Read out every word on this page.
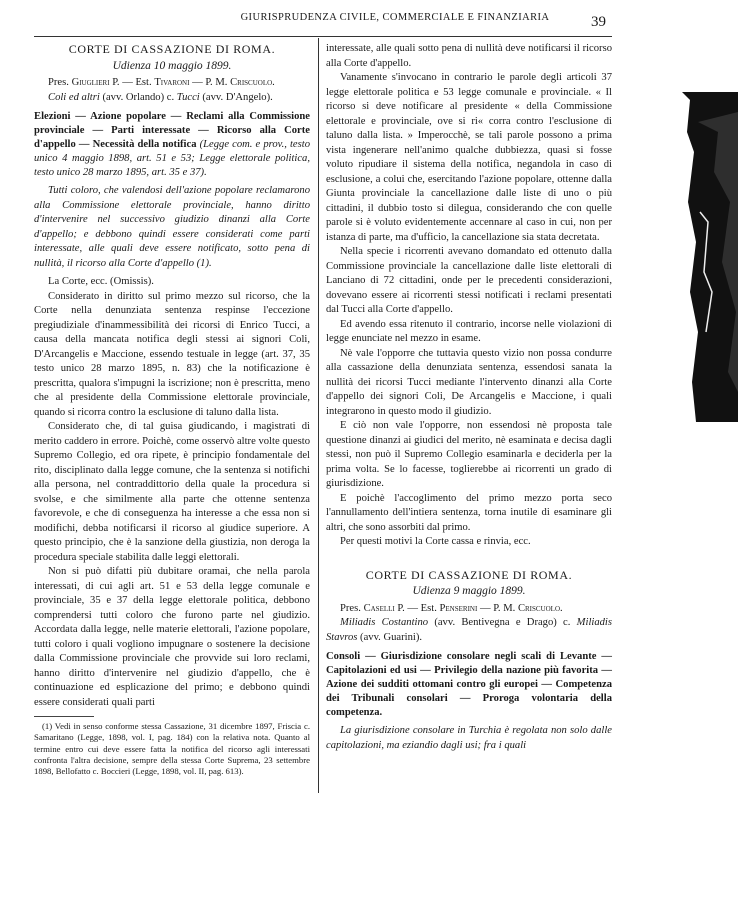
GIURISPRUDENZA CIVILE, COMMERCIALE E FINANZIARIA	39

CORTE DI CASSAZIONE DI ROMA.

Udienza 10 maggio 1899.

Pres. Giuglieri P. — Est. Tivaroni — P. M. Criscuolo.

Coli ed altri (avv. Orlando) c. Tucci (avv. D'Angelo).

Elezioni — Azione popolare — Reclami alla Commissione provinciale — Parti interessate — Ricorso alla Corte d'appello — Necessità della notifica (Legge com. e prov., testo unico 4 maggio 1898, art. 51 e 53; Legge elettorale politica, testo unico 28 marzo 1895, art. 35 e 37).

Tutti coloro, che valendosi dell'azione popolare reclamarono alla Commissione elettorale provinciale, hanno diritto d'intervenire nel successivo giudizio dinanzi alla Corte d'appello; e debbono quindi essere considerati come parti interessate, alle quali deve essere notificato, sotto pena di nullità, il ricorso alla Corte d'appello (1).

La Corte, ecc. (Omissis).

Considerato in diritto sul primo mezzo sul ricorso, che la Corte nella denunziata sentenza respinse l'eccezione pregiudiziale d'inammessibilità dei ricorsi di Enrico Tucci, a causa della mancata notifica degli stessi ai signori Coli, D'Arcangelis e Maccione, essendo testuale in legge (art. 37, 35 testo unico 28 marzo 1895, n. 83) che la notificazione è prescritta, qualora s'impugni la iscrizione; non è prescritta, meno che al presidente della Commissione elettorale provinciale, quando si ricorra contro la esclusione di taluno dalla lista.

Considerato che, di tal guisa giudicando, i magistrati di merito caddero in errore. Poichè, come osservò altre volte questo Supremo Collegio, ed ora ripete, è principio fondamentale del rito, disciplinato dalla legge comune, che la sentenza si notifichi alla persona, nel contraddittorio della quale la procedura si svolse, e che similmente alla parte che ottenne sentenza favorevole, e che di conseguenza ha interesse a che essa non si modifichi, debba notificarsi il ricorso al giudice superiore. A questo principio, che è la sanzione della giustizia, non deroga la procedura speciale stabilita dalle leggi elettorali.

Non si può difatti più dubitare oramai, che nella parola interessati, di cui agli art. 51 e 53 della legge comunale e provinciale, 35 e 37 della legge elettorale politica, debbono comprendersi tutti coloro che furono parte nel giudizio. Accordata dalla legge, nelle materie elettorali, l'azione popolare, tutti coloro i quali vogliono impugnare o sostenere la decisione dalla Commissione provinciale che provvide sui loro reclami, hanno diritto d'intervenire nel giudizio d'appello, che è continuazione ed esplicazione del primo; e debbono quindi essere considerati quali parti

(1) Vedi in senso conforme stessa Cassazione, 31 dicembre 1897, Friscia c. Samaritano (Legge, 1898, vol. I, pag. 184) con la relativa nota. Quanto al termine entro cui deve essere fatta la notifica del ricorso agli interessati confronta l'altra decisione, sempre della stessa Corte Suprema, 23 settembre 1898, Bellofatto c. Boccieri (Legge, 1898, vol. II, pag. 613).

interessate, alle quali sotto pena di nullità deve notificarsi il ricorso alla Corte d'appello.

Vanamente s'invocano in contrario le parole degli articoli 37 legge elettorale politica e 53 legge comunale e provinciale. « Il ricorso si deve notificare al presidente « della Commissione elettorale e provinciale, ove si ri« corra contro l'esclusione di taluno dalla lista. » Imperocchè, se tali parole possono a prima vista ingenerare nell'animo qualche dubbiezza, quasi si fosse voluto ripudiare il sistema della notifica, negandola in caso di esclusione, a colui che, esercitando l'azione popolare, ottenne dalla Giunta provinciale la cancellazione dalle liste di uno o più cittadini, il dubbio tosto si dilegua, considerando che con quelle parole si è voluto evidentemente accennare al caso in cui, non per istanza di parte, ma d'ufficio, la cancellazione sia stata decretata.

Nella specie i ricorrenti avevano domandato ed ottenuto dalla Commissione provinciale la cancellazione dalle liste elettorali di Lanciano di 72 cittadini, onde per le precedenti considerazioni, dovevano essere ai ricorrenti stessi notificati i reclami presentati dal Tucci alla Corte d'appello.

Ed avendo essa ritenuto il contrario, incorse nelle violazioni di legge enunciate nel mezzo in esame.

Nè vale l'opporre che tuttavia questo vizio non possa condurre alla cassazione della denunziata sentenza, essendosi sanata la nullità dei ricorsi Tucci mediante l'intervento dinanzi alla Corte d'appello dei signori Coli, De Arcangelis e Maccione, i quali integrarono in questo modo il giudizio.

E ciò non vale l'opporre, non essendosi nè proposta tale questione dinanzi ai giudici del merito, nè esaminata e decisa dagli stessi, non può il Supremo Collegio esaminarla e deciderla per la prima volta. Se lo facesse, toglierebbe ai ricorrenti un grado di giurisdizione.

E poichè l'accoglimento del primo mezzo porta seco l'annullamento dell'intiera sentenza, torna inutile di esaminare gli altri, che sono assorbiti dal primo.

Per questi motivi la Corte cassa e rinvia, ecc.

CORTE DI CASSAZIONE DI ROMA.

Udienza 9 maggio 1899.

Pres. Caselli P. — Est. Penserini — P. M. Criscuolo.

Miliadis Costantino (avv. Bentivegna e Drago) c. Miliadis Stavros (avv. Guarini).

Consoli — Giurisdizione consolare negli scali di Levante — Capitolazioni ed usi — Privilegio della nazione più favorita — Azione dei sudditi ottomani contro gli europei — Competenza dei Tribunali consolari — Proroga volontaria della competenza.

La giurisdizione consolare in Turchia è regolata non solo dalle capitolazioni, ma eziandio dagli usi; fra i quali
